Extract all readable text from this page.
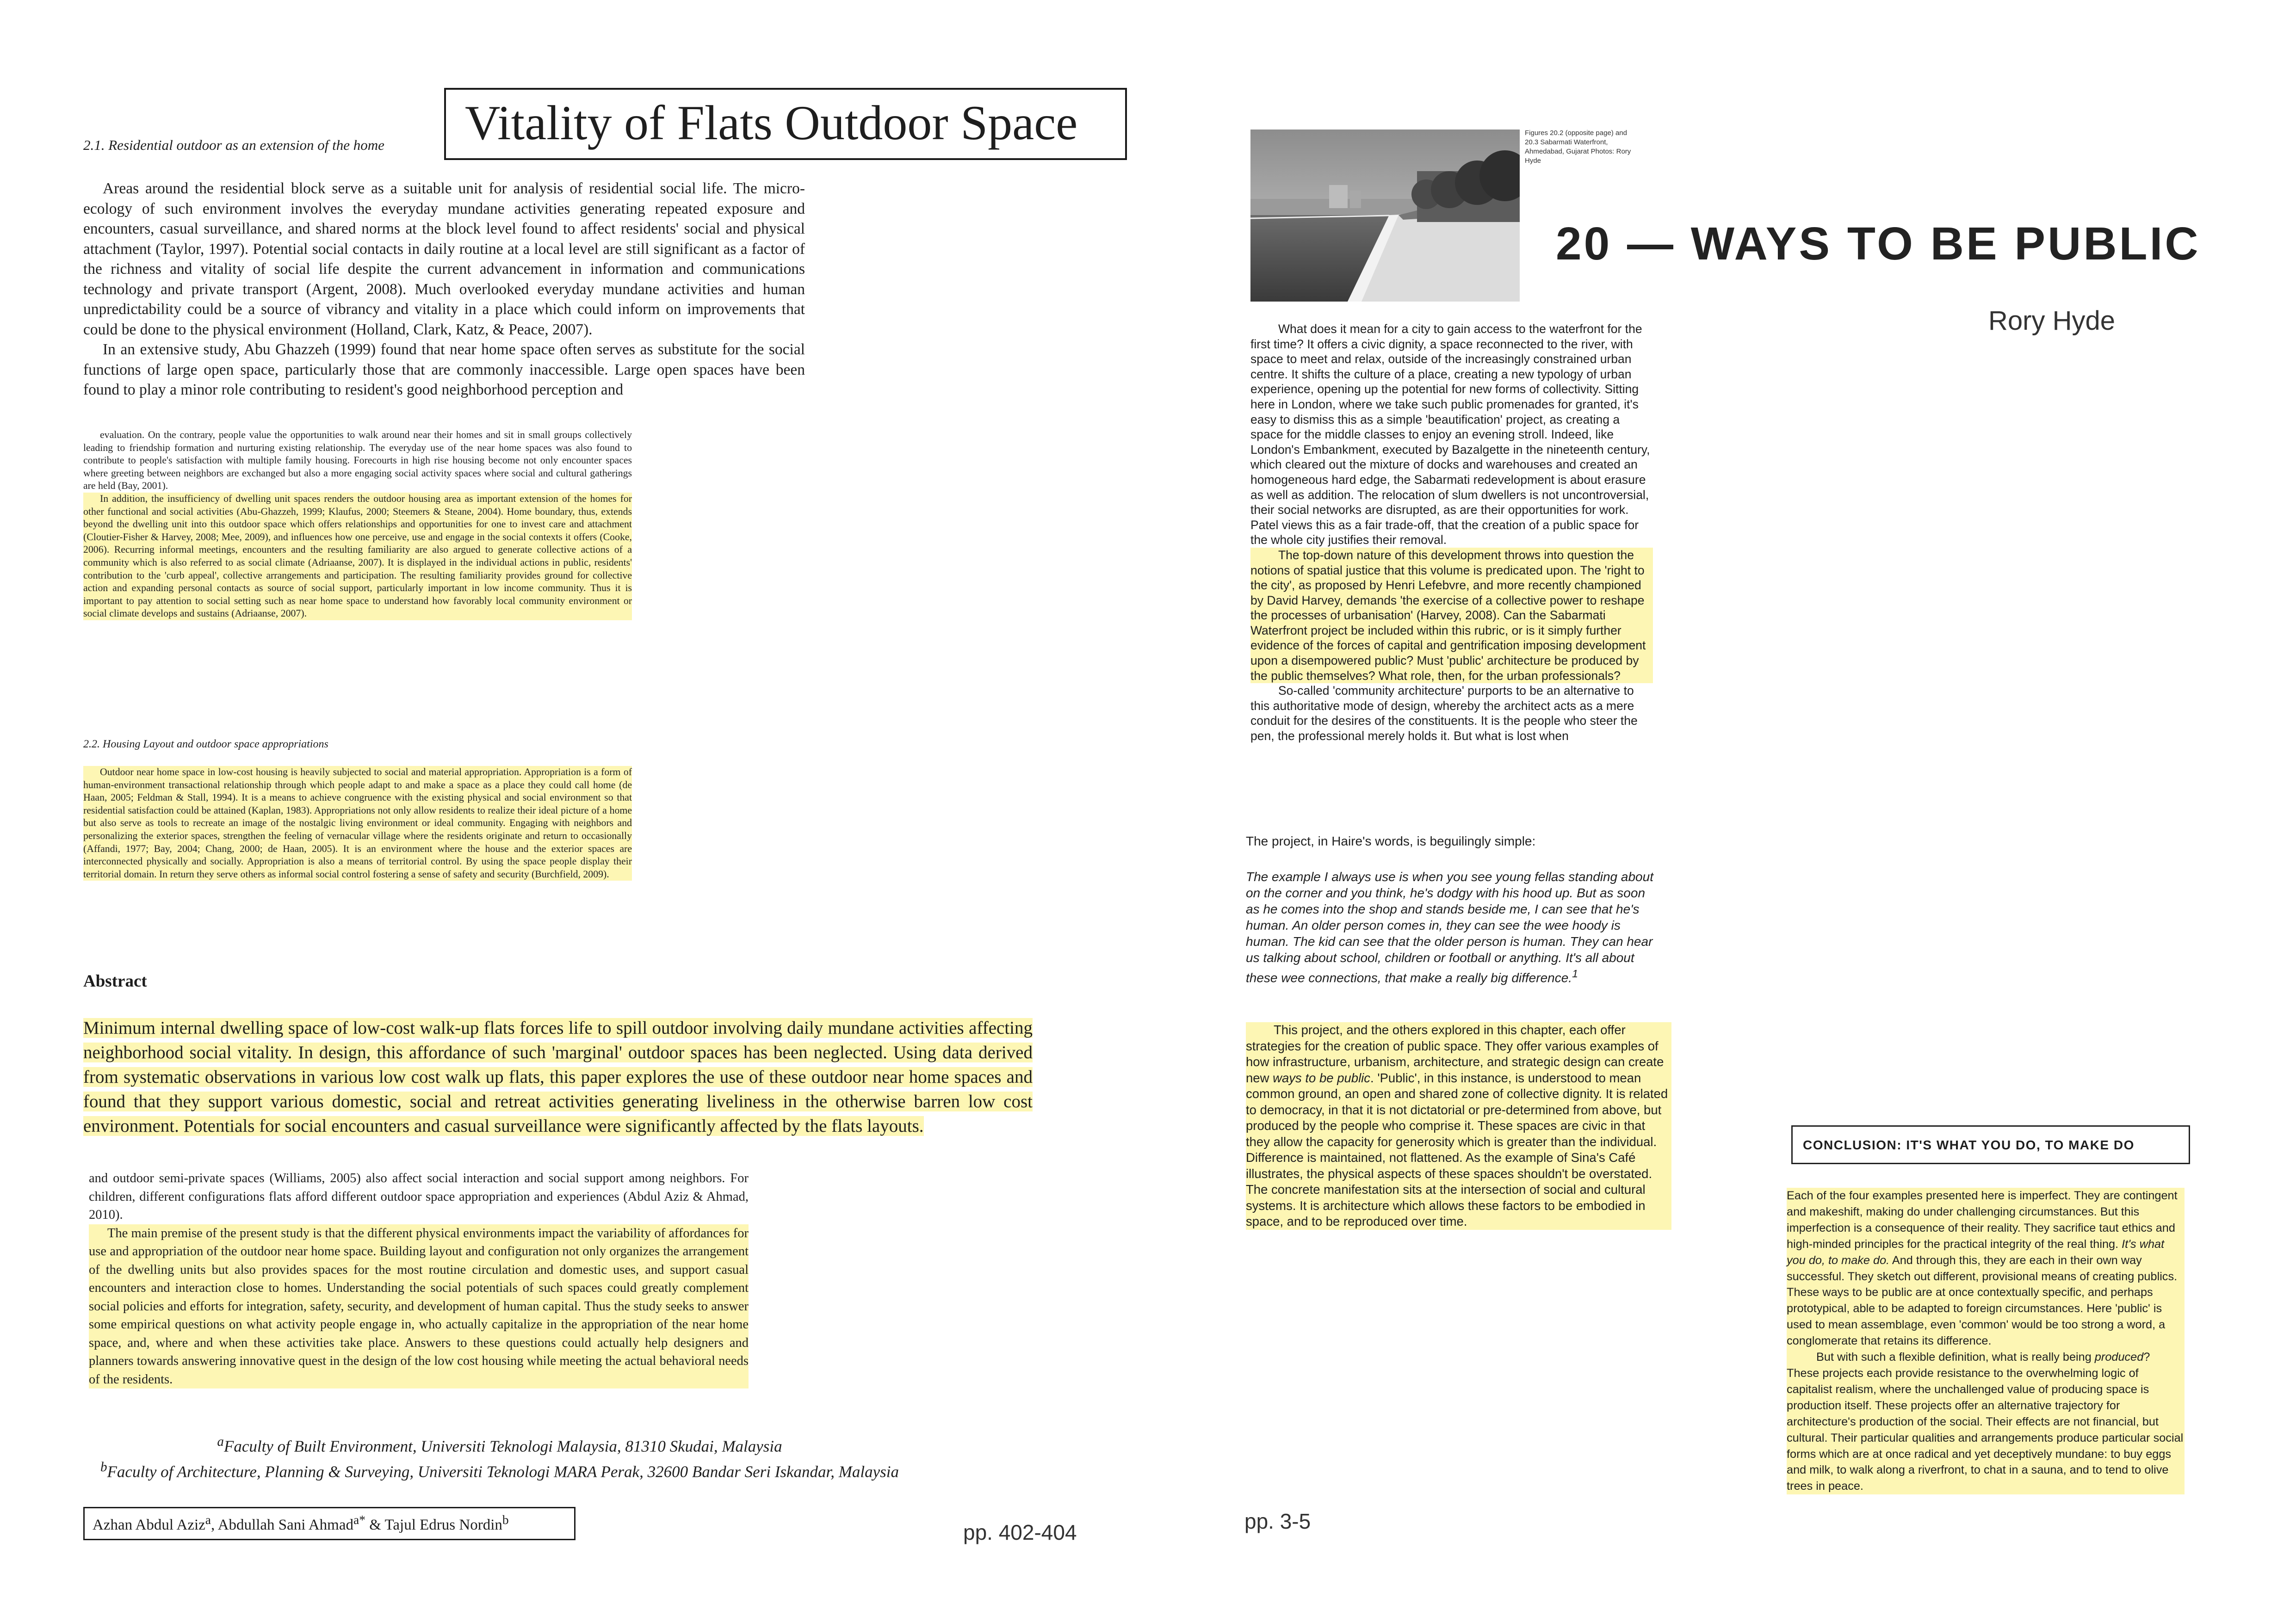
2.1. Residential outdoor as an extension of the home Vitality of Flats Outdoor Space

Areas around the residential block serve as a suitable unit for analysis of residential social life. The micro-ecology of such environment involves the everyday mundane activities generating repeated exposure and encounters, casual surveillance, and shared norms at the block level found to affect residents' social and physical attachment (Taylor, 1997). Potential social contacts in daily routine at a local level are still significant as a factor of the richness and vitality of social life despite the current advancement in information and communications technology and private transport (Argent, 2008). Much overlooked everyday mundane activities and human unpredictability could be a source of vibrancy and vitality in a place which could inform on improvements that could be done to the physical environment (Holland, Clark, Katz, & Peace, 2007).

In an extensive study, Abu Ghazzeh (1999) found that near home space often serves as substitute for the social functions of large open space, particularly those that are commonly inaccessible. Large open spaces have been found to play a minor role contributing to resident's good neighborhood perception and

evaluation. On the contrary, people value the opportunities to walk around near their homes and sit in small groups collectively leading to friendship formation and nurturing existing relationship. The everyday use of the near home spaces was also found to contribute to people's satisfaction with multiple family housing. Forecourts in high rise housing become not only encounter spaces where greeting between neighbors are exchanged but also a more engaging social activity spaces where social and cultural gatherings are held (Bay, 2001).

In addition, the insufficiency of dwelling unit spaces renders the outdoor housing area as important extension of the homes for other functional and social activities (Abu-Ghazzeh, 1999; Klaufus, 2000; Steemers & Steane, 2004). Home boundary, thus, extends beyond the dwelling unit into this outdoor space which offers relationships and opportunities for one to invest care and attachment (Cloutier-Fisher & Harvey, 2008; Mee, 2009), and influences how one perceive, use and engage in the social contexts it offers (Cooke, 2006). Recurring informal meetings, encounters and the resulting familiarity are also argued to generate collective actions of a community which is also referred to as social climate (Adriaanse, 2007). It is displayed in the individual actions in public, residents' contribution to the 'curb appeal', collective arrangements and participation. The resulting familiarity provides ground for collective action and expanding personal contacts as source of social support, particularly important in low income community. Thus it is important to pay attention to social setting such as near home space to understand how favorably local community environment or social climate develops and sustains (Adriaanse, 2007).

2.2. Housing Layout and outdoor space appropriations

Outdoor near home space in low-cost housing is heavily subjected to social and material appropriation. Appropriation is a form of human-environment transactional relationship through which people adapt to and make a space as a place they could call home (de Haan, 2005; Feldman & Stall, 1994). It is a means to achieve congruence with the existing physical and social environment so that residential satisfaction could be attained (Kaplan, 1983). Appropriations not only allow residents to realize their ideal picture of a home but also serve as tools to recreate an image of the nostalgic living environment or ideal community. Engaging with neighbors and personalizing the exterior spaces, strengthen the feeling of vernacular village where the residents originate and return to occasionally (Affandi, 1977; Bay, 2004; Chang, 2000; de Haan, 2005). It is an environment where the house and the exterior spaces are interconnected physically and socially. Appropriation is also a means of territorial control. By using the space people display their territorial domain. In return they serve others as informal social control fostering a sense of safety and security (Burchfield, 2009).

Abstract
Minimum internal dwelling space of low-cost walk-up flats forces life to spill outdoor involving daily mundane activities affecting neighborhood social vitality. In design, this affordance of such 'marginal' outdoor spaces has been neglected. Using data derived from systematic observations in various low cost walk up flats, this paper explores the use of these outdoor near home spaces and found that they support various domestic, social and retreat activities generating liveliness in the otherwise barren low cost environment. Potentials for social encounters and casual surveillance were significantly affected by the flats layouts.

and outdoor semi-private spaces (Williams, 2005) also affect social interaction and social support among neighbors. For children, different configurations flats afford different outdoor space appropriation and experiences (Abdul Aziz & Ahmad, 2010).

The main premise of the present study is that the different physical environments impact the variability of affordances for use and appropriation of the outdoor near home space. Building layout and configuration not only organizes the arrangement of the dwelling units but also provides spaces for the most routine circulation and domestic uses, and support casual encounters and interaction close to homes. Understanding the social potentials of such spaces could greatly complement social policies and efforts for integration, safety, security, and development of human capital. Thus the study seeks to answer some empirical questions on what activity people engage in, who actually capitalize in the appropriation of the near home space, and, where and when these activities take place. Answers to these questions could actually help designers and planners towards answering innovative quest in the design of the low cost housing while meeting the actual behavioral needs of the residents.

$^a$Faculty of Built Environment, Universiti Teknologi Malaysia, 81310 Skudai, Malaysia
$^b$Faculty of Architecture, Planning & Surveying, Universiti Teknologi MARA Perak, 32600 Bandar Seri Iskandar, Malaysia
Azhan Abdul Aziz$^a$, Abdullah Sani Ahmad$^{a*}$ & Tajul Edrus Nordin$^b$
pp. 402-404
Figures 20.2 (opposite page) and 20.3 Sabarmati Waterfront, Ahmedabad, Gujarat Photos: Rory Hyde
20 — WAYS TO BE PUBLIC
Rory Hyde

What does it mean for a city to gain access to the waterfront for the first time? It offers a civic dignity, a space reconnected to the river, with space to meet and relax, outside of the increasingly constrained urban centre. It shifts the culture of a place, creating a new typology of urban experience, opening up the potential for new forms of collectivity. Sitting here in London, where we take such public promenades for granted, it's easy to dismiss this as a simple 'beautification' project, as creating a space for the middle classes to enjoy an evening stroll. Indeed, like London's Embankment, executed by Bazalgette in the nineteenth century, which cleared out the mixture of docks and warehouses and created an homogeneous hard edge, the Sabarmati redevelopment is about erasure as well as addition. The relocation of slum dwellers is not uncontroversial, their social networks are disrupted, as are their opportunities for work. Patel views this as a fair trade-off, that the creation of a public space for the whole city justifies their removal.

The top-down nature of this development throws into question the notions of spatial justice that this volume is predicated upon. The 'right to the city', as proposed by Henri Lefebvre, and more recently championed by David Harvey, demands 'the exercise of a collective power to reshape the processes of urbanisation' (Harvey, 2008). Can the Sabarmati Waterfront project be included within this rubric, or is it simply further evidence of the forces of capital and gentrification imposing development upon a disempowered public? Must 'public' architecture be produced by the public themselves? What role, then, for the urban professionals?

So-called 'community architecture' purports to be an alternative to this authoritative mode of design, whereby the architect acts as a mere conduit for the desires of the constituents. It is the people who steer the pen, the professional merely holds it. But what is lost when

The project, in Haire's words, is beguilingly simple:
The example I always use is when you see young fellas standing about on the corner and you think, he's dodgy with his hood up. But as soon as he comes into the shop and stands beside me, I can see that he's human. An older person comes in, they can see the wee hoody is human. The kid can see that the older person is human. They can hear us talking about school, children or football or anything. It's all about these wee connections, that make a really big difference.$^1$

This project, and the others explored in this chapter, each offer strategies for the creation of public space. They offer various examples of how infrastructure, urbanism, architecture, and strategic design can create new ways to be public. 'Public', in this instance, is understood to mean common ground, an open and shared zone of collective dignity. It is related to democracy, in that it is not dictatorial or pre-determined from above, but produced by the people who comprise it. These spaces are civic in that they allow the capacity for generosity which is greater than the individual. Difference is maintained, not flattened. As the example of Sina's Café illustrates, the physical aspects of these spaces shouldn't be overstated. The concrete manifestation sits at the intersection of social and cultural systems. It is architecture which allows these factors to be embodied in space, and to be reproduced over time.

CONCLUSION: IT'S WHAT YOU DO, TO MAKE DO

Each of the four examples presented here is imperfect. They are contingent and makeshift, making do under challenging circumstances. But this imperfection is a consequence of their reality. They sacrifice taut ethics and high-minded principles for the practical integrity of the real thing. It's what you do, to make do. And through this, they are each in their own way successful. They sketch out different, provisional means of creating publics. These ways to be public are at once contextually specific, and perhaps prototypical, able to be adapted to foreign circumstances. Here 'public' is used to mean assemblage, even 'common' would be too strong a word, a conglomerate that retains its difference.

But with such a flexible definition, what is really being produced? These projects each provide resistance to the overwhelming logic of capitalist realism, where the unchallenged value of producing space is production itself. These projects offer an alternative trajectory for architecture's production of the social. Their effects are not financial, but cultural. Their particular qualities and arrangements produce particular social forms which are at once radical and yet deceptively mundane: to buy eggs and milk, to walk along a riverfront, to chat in a sauna, and to tend to olive trees in peace.

pp. 3-5
